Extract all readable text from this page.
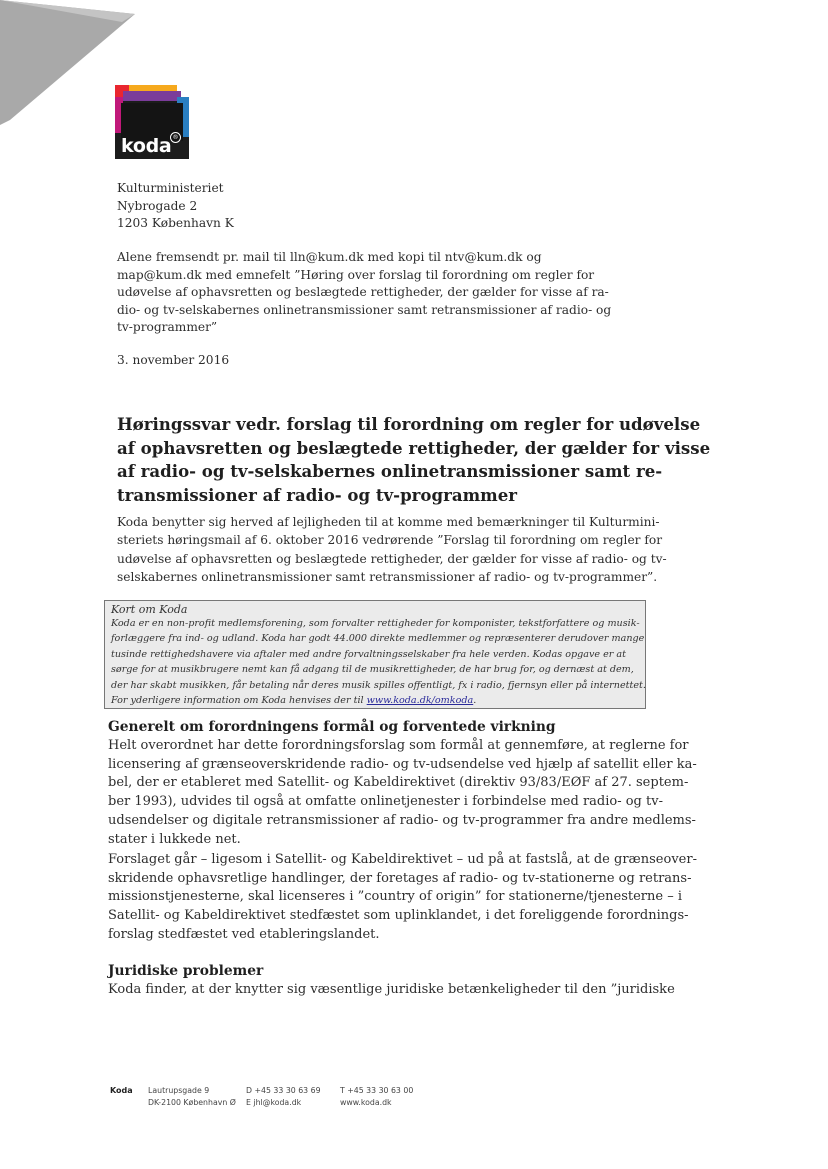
koda ®
Kulturministeriet
Nybrogade 2
1203 København K
Alene fremsendt pr. mail til lln@kum.dk med kopi til ntv@kum.dk og
map@kum.dk med emnefelt ”Høring over forslag til forordning om regler for
udøvelse af ophavsretten og beslægtede rettigheder, der gælder for visse af ra-
dio- og tv-selskabernes onlinetransmissioner samt retransmissioner af radio- og
tv-programmer”
3. november 2016
Høringssvar vedr. forslag til forordning om regler for udøvelse
af ophavsretten og beslægtede rettigheder, der gælder for visse
af radio- og tv-selskabernes onlinetransmissioner samt re-
transmissioner af radio- og tv-programmer
Koda benytter sig herved af lejligheden til at komme med bemærkninger til Kulturmini-
steriets høringsmail af 6. oktober 2016 vedrørende ”Forslag til forordning om regler for
udøvelse af ophavsretten og beslægtede rettigheder, der gælder for visse af radio- og tv-
selskabernes onlinetransmissioner samt retransmissioner af radio- og tv-programmer”.
Kort om Koda
Koda er en non-profit medlemsforening, som forvalter rettigheder for komponister, tekstforfattere og musik-
forlæggere fra ind- og udland. Koda har godt 44.000 direkte medlemmer og repræsenterer derudover mange
tusinde rettighedshavere via aftaler med andre forvaltningsselskaber fra hele verden. Kodas opgave er at
sørge for at musikbrugere nemt kan få adgang til de musikrettigheder, de har brug for, og dernæst at dem,
der har skabt musikken, får betaling når deres musik spilles offentligt, fx i radio, fjernsyn eller på internettet.
For yderligere information om Koda henvises der til www.koda.dk/omkoda.
Generelt om forordningens formål og forventede virkning
Helt overordnet har dette forordningsforslag som formål at gennemføre, at reglerne for
licensering af grænseoverskridende radio- og tv-udsendelse ved hjælp af satellit eller ka-
bel, der er etableret med Satellit- og Kabeldirektivet (direktiv 93/83/EØF af 27. septem-
ber 1993), udvides til også at omfatte onlinetjenester i forbindelse med radio- og tv-
udsendelser og digitale retransmissioner af radio- og tv-programmer fra andre medlems-
stater i lukkede net.
Forslaget går – ligesom i Satellit- og Kabeldirektivet – ud på at fastslå, at de grænseover-
skridende ophavsretlige handlinger, der foretages af radio- og tv-stationerne og retrans-
missionstjenesterne, skal licenseres i ”country of origin” for stationerne/tjenesterne – i
Satellit- og Kabeldirektivet stedfæstet som uplinklandet, i det foreliggende forordnings-
forslag stedfæstet ved etableringslandet.
Juridiske problemer
Koda finder, at der knytter sig væsentlige juridiske betænkeligheder til den ”juridiske
Koda Lautrupsgade 9
DK-2100 København Ø
D +45 33 30 63 69
E jhl@koda.dk
T +45 33 30 63 00
www.koda.dk
